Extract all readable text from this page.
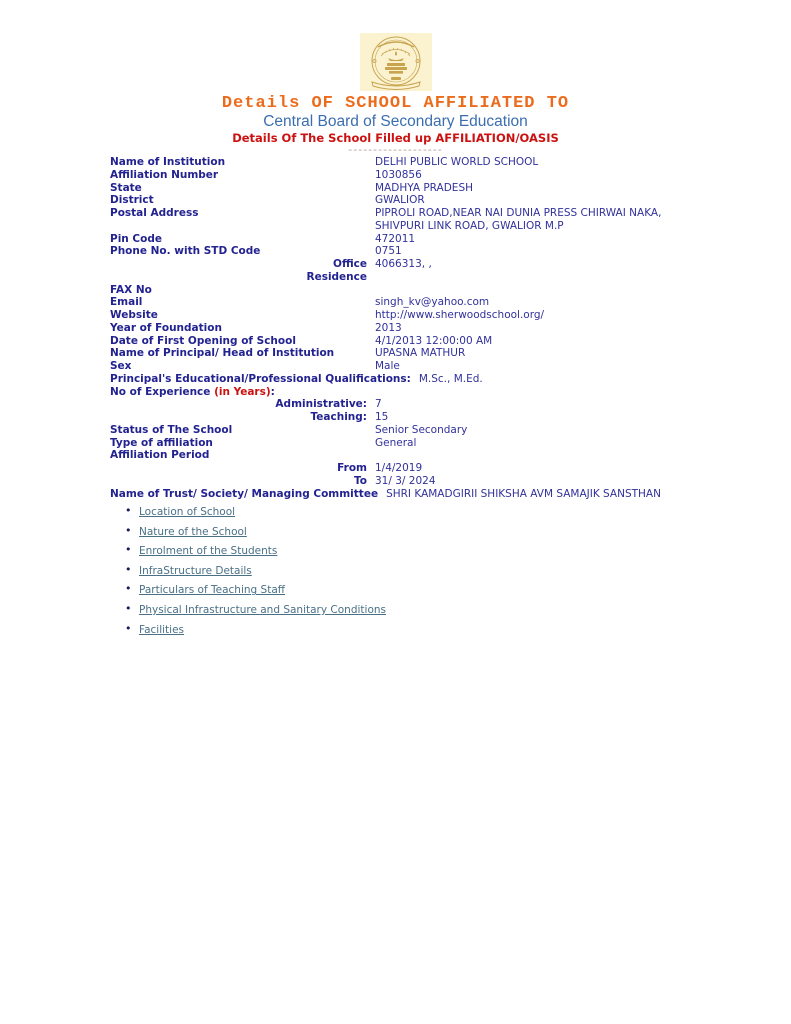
Details OF SCHOOL AFFILIATED TO
Central Board of Secondary Education
Details Of The School Filled up AFFILIATION/OASIS
-------------------
Name of Institution	DELHI PUBLIC WORLD SCHOOL
Affiliation Number	1030856
State	MADHYA PRADESH
District	GWALIOR
Postal Address	PIPROLI ROAD,NEAR NAI DUNIA PRESS CHIRWAI NAKA, SHIVPURI LINK ROAD, GWALIOR M.P
Pin Code	472011
Phone No. with STD Code	0751
Office 4066313, ,
Residence
FAX No
Email	singh_kv@yahoo.com
Website	http://www.sherwoodschool.org/
Year of Foundation	2013
Date of First Opening of School	4/1/2013 12:00:00 AM
Name of Principal/ Head of Institution	UPASNA MATHUR
Sex	Male
Principal's Educational/Professional Qualifications: M.Sc., M.Ed.
No of Experience (in Years):
Administrative: 7
Teaching: 15
Status of The School	Senior Secondary
Type of affiliation	General
Affiliation Period
From 1/4/2019
To 31/ 3/ 2024
Name of Trust/ Society/ Managing Committee SHRI KAMADGIRII SHIKSHA AVM SAMAJIK SANSTHAN
• Location of School
• Nature of the School
• Enrolment of the Students
• InfraStructure Details
• Particulars of Teaching Staff
• Physical Infrastructure and Sanitary Conditions
• Facilities
